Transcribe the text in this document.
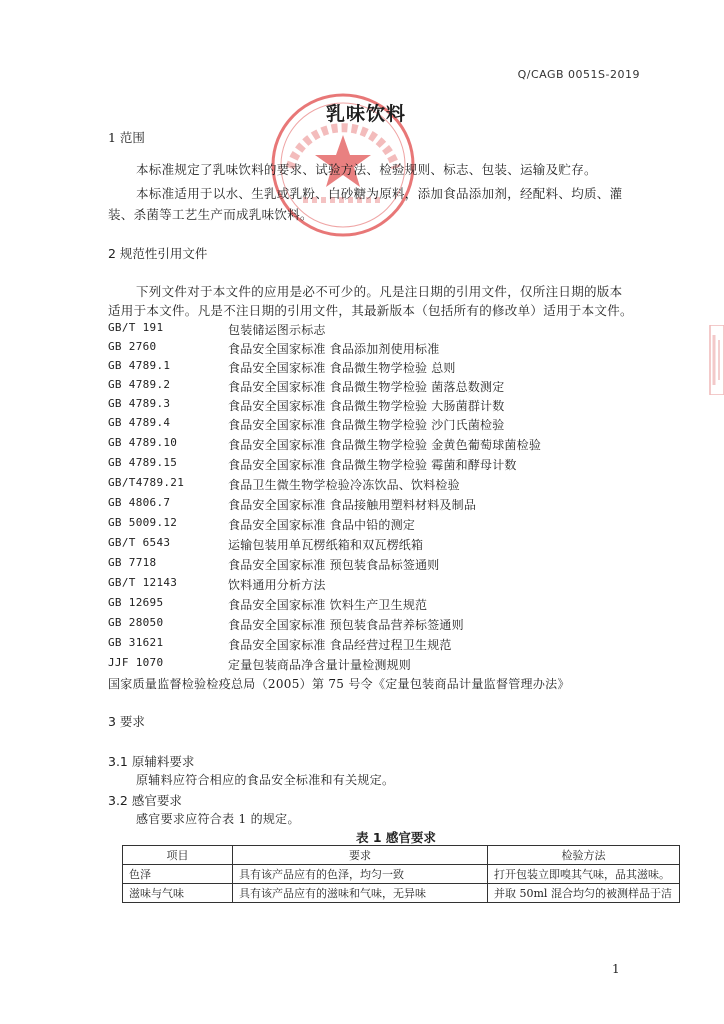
Q/CAGB 0051S-2019
乳味饮料
1 范围
本标准规定了乳味饮料的要求、试验方法、检验规则、标志、包装、运输及贮存。
本标准适用于以水、生乳或乳粉、白砂糖为原料，添加食品添加剂，经配料、均质、灌
装、杀菌等工艺生产而成乳味饮料。
2 规范性引用文件
下列文件对于本文件的应用是必不可少的。凡是注日期的引用文件，仅所注日期的版本
适用于本文件。凡是不注日期的引用文件，其最新版本（包括所有的修改单）适用于本文件。
GB/T 191	包装储运图示标志
GB 2760	食品安全国家标准 食品添加剂使用标准
GB 4789.1	食品安全国家标准 食品微生物学检验 总则
GB 4789.2	食品安全国家标准 食品微生物学检验 菌落总数测定
GB 4789.3	食品安全国家标准 食品微生物学检验 大肠菌群计数
GB 4789.4	食品安全国家标准 食品微生物学检验 沙门氏菌检验
GB 4789.10	食品安全国家标准 食品微生物学检验 金黄色葡萄球菌检验
GB 4789.15	食品安全国家标准 食品微生物学检验 霉菌和酵母计数
GB/T4789.21	食品卫生微生物学检验冷冻饮品、饮料检验
GB 4806.7	食品安全国家标准 食品接触用塑料材料及制品
GB 5009.12	食品安全国家标准 食品中铅的测定
GB/T 6543	运输包装用单瓦楞纸箱和双瓦楞纸箱
GB 7718	食品安全国家标准 预包装食品标签通则
GB/T 12143	饮料通用分析方法
GB 12695	食品安全国家标准 饮料生产卫生规范
GB 28050	食品安全国家标准 预包装食品营养标签通则
GB 31621	食品安全国家标准 食品经营过程卫生规范
JJF 1070	定量包装商品净含量计量检测规则
国家质量监督检验检疫总局（2005）第 75 号令《定量包装商品计量监督管理办法》
3 要求
3.1 原辅料要求
原辅料应符合相应的食品安全标准和有关规定。
3.2 感官要求
感官要求应符合表 1 的规定。
表 1 感官要求
项目	要求	检验方法
色泽	具有该产品应有的色泽，均匀一致	打开包装立即嗅其气味，品其滋味。
滋味与气味	具有该产品应有的滋味和气味，无异味	并取 50ml 混合均匀的被测样品于洁
1
